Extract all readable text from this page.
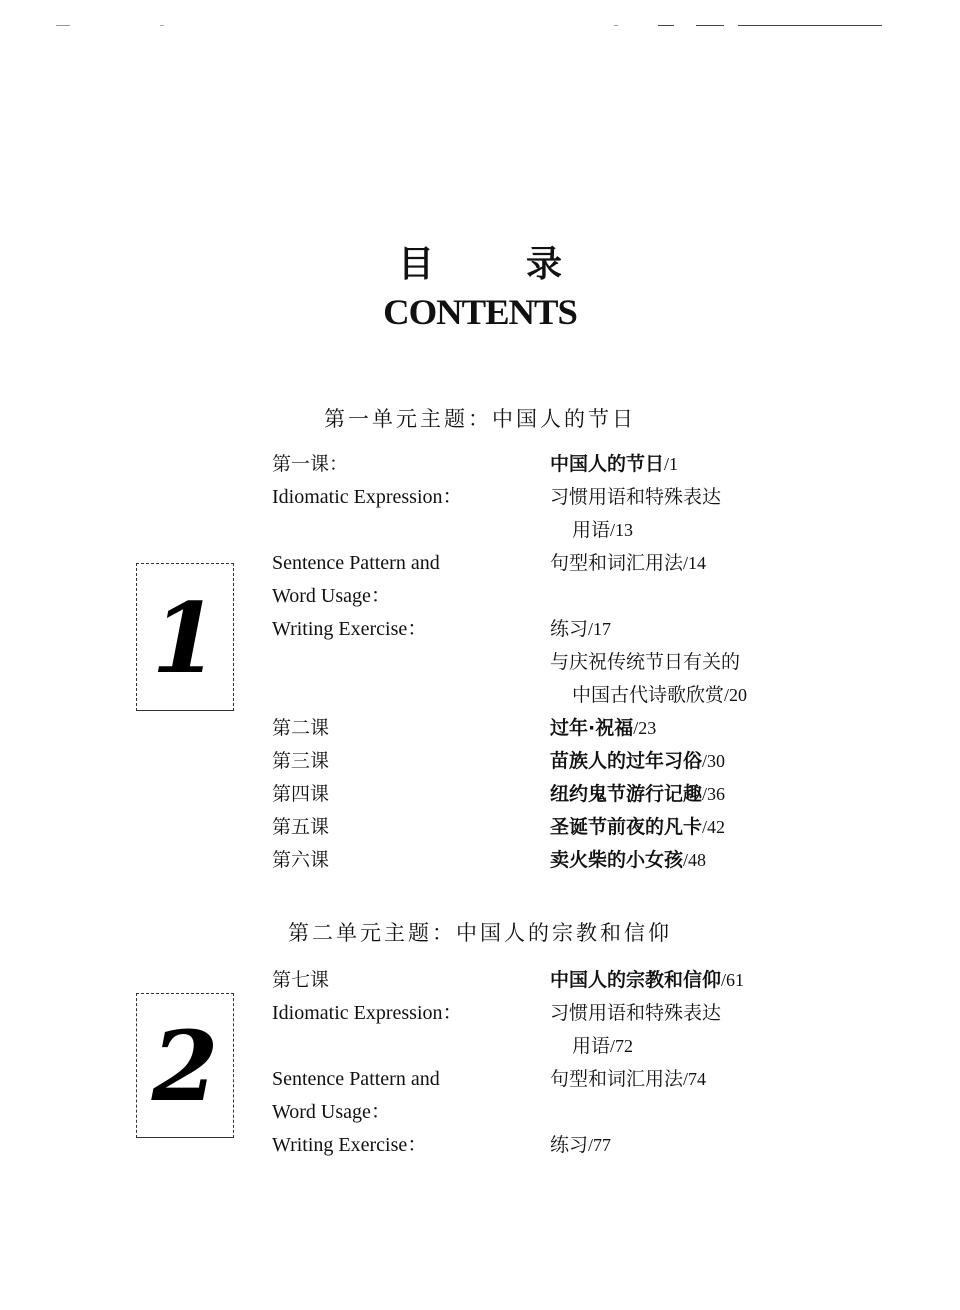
目	录
CONTENTS
第一单元主题：中国人的节日
1
第一课：	中国人的节日/1
Idiomatic Expression：	习惯用语和特殊表达
用语/13
Sentence Pattern and	句型和词汇用法/14
Word Usage：
Writing Exercise：	练习/17
与庆祝传统节日有关的
中国古代诗歌欣赏/20
第二课	过年·祝福/23
第三课	苗族人的过年习俗/30
第四课	纽约鬼节游行记趣/36
第五课	圣诞节前夜的凡卡/42
第六课	卖火柴的小女孩/48
第二单元主题：中国人的宗教和信仰
2
第七课	中国人的宗教和信仰/61
Idiomatic Expression：	习惯用语和特殊表达
用语/72
Sentence Pattern and	句型和词汇用法/74
Word Usage：
Writing Exercise：	练习/77
